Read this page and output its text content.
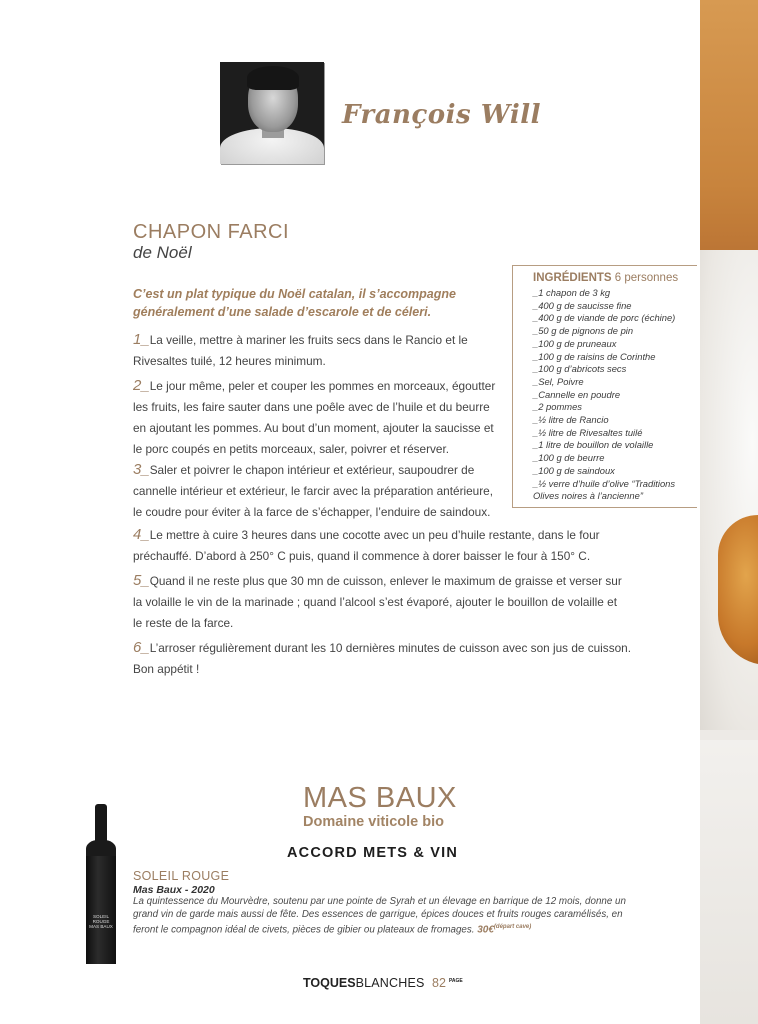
François Will
CHAPON FARCI
de Noël
C’est un plat typique du Noël catalan, il s’accompagne généralement d’une salade d’escarole et de céleri.
1_La veille, mettre à mariner les fruits secs dans le Rancio et le
Rivesaltes tuilé, 12 heures minimum.
2_Le jour même, peler et couper les pommes en morceaux, égoutter
les fruits, les faire sauter dans une poêle avec de l’huile et du beurre
en ajoutant les pommes. Au bout d’un moment, ajouter la saucisse et
le porc coupés en petits morceaux, saler, poivrer et réserver.
3_Saler et poivrer le chapon intérieur et extérieur, saupoudrer de
cannelle intérieur et extérieur, le farcir avec la préparation antérieure,
le coudre pour éviter à la farce de s’échapper, l’enduire de saindoux.
4_Le mettre à cuire 3 heures dans une cocotte avec un peu d’huile restante, dans le four
préchauffé. D’abord à 250° C puis, quand il commence à dorer baisser le four à 150° C.
5_Quand il ne reste plus que 30 mn de cuisson, enlever le maximum de graisse et verser sur
la volaille le vin de la marinade ; quand l’alcool s’est évaporé, ajouter le bouillon de volaille et
le reste de la farce.
6_L’arroser régulièrement durant les 10 dernières minutes de cuisson avec son jus de cuisson.
Bon appétit !
INGRÉDIENTS 6 personnes
_1 chapon de 3 kg
_400 g de saucisse fine
_400 g de viande de porc (échine)
_50 g de pignons de pin
_100 g de pruneaux
_100 g de raisins de Corinthe
_100 g d’abricots secs
_Sel, Poivre
_Cannelle en poudre
_2 pommes
_½ litre de Rancio
_½ litre de Rivesaltes tuilé
_1 litre de bouillon de volaille
_100 g de beurre
_100 g de saindoux
_½ verre d’huile d’olive “Traditions
Olives noires à l’ancienne”
MAS BAUX
Domaine viticole bio
ACCORD METS & VIN
SOLEIL ROUGE
MAS BAUX
SOLEIL ROUGE
Mas Baux - 2020
La quintessence du Mourvèdre, soutenu par une pointe de Syrah et un élevage en barrique de 12 mois, donne un grand vin de garde mais aussi de fête. Des essences de garrigue, épices douces et fruits rouges caramélisés, en feront le compagnon idéal de civets, pièces de gibier ou plateaux de fromages. 30€$^{(départ cave)}$
TOQUESBLANCHES 82 $^{PAGE}$
